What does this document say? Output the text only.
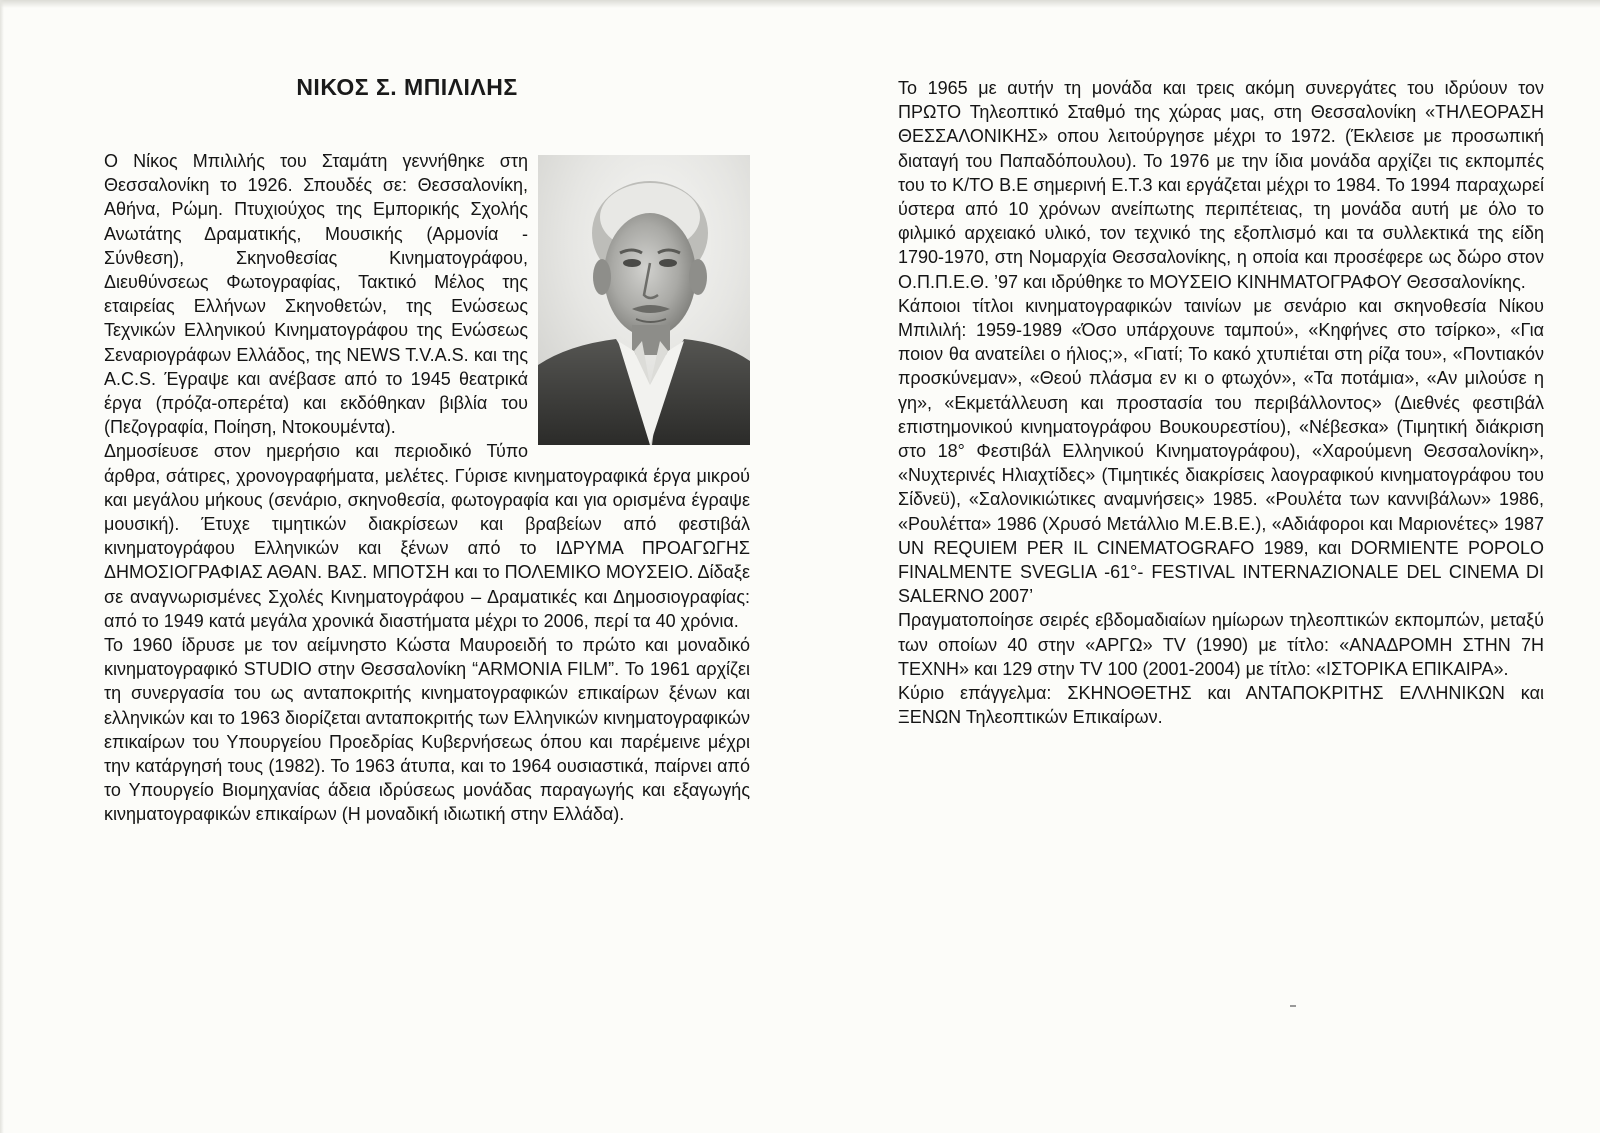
ΝΙΚΟΣ Σ. ΜΠΙΛΙΛΗΣ

Ο Νίκος Μπιλιλής του Σταμάτη γεννήθηκε στη Θεσσαλονίκη το 1926. Σπουδές σε: Θεσσαλονίκη, Αθήνα, Ρώμη. Πτυχιούχος της Εμπορικής Σχολής Ανωτάτης Δραματικής, Μουσικής (Αρμονία - Σύνθεση), Σκηνοθεσίας Κινηματογράφου, Διευθύνσεως Φωτογραφίας, Τακτικό Μέλος της εταιρείας Ελλήνων Σκηνοθετών, της Ενώσεως Τεχνικών Ελληνικού Κινηματογράφου της Ενώσεως Σεναριογράφων Ελλάδος, της NEWS T.V.A.S. και της A.C.S. Έγραψε και ανέβασε από το 1945 θεατρικά έργα (πρόζα-οπερέτα) και εκδόθηκαν βιβλία του (Πεζογραφία, Ποίηση, Ντοκουμέντα).

Δημοσίευσε στον ημερήσιο και περιοδικό Τύπο άρθρα, σάτιρες, χρονογραφήματα, μελέτες. Γύρισε κινηματογραφικά έργα μικρού και μεγάλου μήκους (σενάριο, σκηνοθεσία, φωτογραφία και για ορισμένα έγραψε μουσική). Έτυχε τιμητικών διακρίσεων και βραβείων από φεστιβάλ κινηματογράφου Ελληνικών και ξένων από το ΙΔΡΥΜΑ ΠΡΟΑΓΩΓΗΣ ΔΗΜΟΣΙΟΓΡΑΦΙΑΣ ΑΘΑΝ. ΒΑΣ. ΜΠΟΤΣΗ και το ΠΟΛΕΜΙΚΟ ΜΟΥΣΕΙΟ. Δίδαξε σε αναγνωρισμένες Σχολές Κινηματογράφου – Δραματικές και Δημοσιογραφίας: από το 1949 κατά μεγάλα χρονικά διαστήματα μέχρι το 2006, περί τα 40 χρόνια.

Το 1960 ίδρυσε με τον αείμνηστο Κώστα Μαυροειδή το πρώτο και μοναδικό κινηματογραφικό STUDIO στην Θεσσαλονίκη “ARMONIA FILM”. Το 1961 αρχίζει τη συνεργασία του ως ανταποκριτής κινηματογραφικών επικαίρων ξένων και ελληνικών και το 1963 διορίζεται ανταποκριτής των Ελληνικών κινηματογραφικών επικαίρων του Υπουργείου Προεδρίας Κυβερνήσεως όπου και παρέμεινε μέχρι την κατάργησή τους (1982). Το 1963 άτυπα, και το 1964 ουσιαστικά, παίρνει από το Υπουργείο Βιομηχανίας άδεια ιδρύσεως μονάδας παραγωγής και εξαγωγής κινηματογραφικών επικαίρων (Η μοναδική ιδιωτική στην Ελλάδα).

Το 1965 με αυτήν τη μονάδα και τρεις ακόμη συνεργάτες του ιδρύουν τον ΠΡΩΤΟ Τηλεοπτικό Σταθμό της χώρας μας, στη Θεσσαλονίκη «ΤΗΛΕΟΡΑΣΗ ΘΕΣΣΑΛΟΝΙΚΗΣ» οπου λειτούργησε μέχρι το 1972. (Έκλεισε με προσωπική διαταγή του Παπαδόπουλου). Το 1976 με την ίδια μονάδα αρχίζει τις εκπομπές του το Κ/ΤΟ Β.Ε σημερινή Ε.Τ.3 και εργάζεται μέχρι το 1984. Το 1994 παραχωρεί ύστερα από 10 χρόνων ανείπωτης περιπέτειας, τη μονάδα αυτή με όλο το φιλμικό αρχειακό υλικό, τον τεχνικό της εξοπλισμό και τα συλλεκτικά της είδη 1790-1970, στη Νομαρχία Θεσσαλονίκης, η οποία και προσέφερε ως δώρο στον Ο.Π.Π.Ε.Θ. ’97 και ιδρύθηκε το ΜΟΥΣΕΙΟ ΚΙΝΗΜΑΤΟΓΡΑΦΟΥ Θεσσαλονίκης.

Κάποιοι τίτλοι κινηματογραφικών ταινίων με σενάριο και σκηνοθεσία Νίκου Μπιλιλή: 1959-1989 «Όσο υπάρχουνε ταμπού», «Κηφήνες στο τσίρκο», «Για ποιον θα ανατείλει ο ήλιος;», «Γιατί; Το κακό χτυπιέται στη ρίζα του», «Ποντιακόν προσκύνεμαν», «Θεού πλάσμα εν κι ο φτωχόν», «Τα ποτάμια», «Αν μιλούσε η γη», «Εκμετάλλευση και προστασία του περιβάλλοντος» (Διεθνές φεστιβάλ επιστημονικού κινηματογράφου Βουκουρεστίου), «Νέβεσκα» (Τιμητική διάκριση στο 18° Φεστιβάλ Ελληνικού Κινηματογράφου), «Χαρούμενη Θεσσαλονίκη», «Νυχτερινές Ηλιαχτίδες» (Τιμητικές διακρίσεις λαογραφικού κινηματογράφου του Σίδνεϋ), «Σαλονικιώτικες αναμνήσεις» 1985. «Ρουλέτα των καννιβάλων» 1986, «Ρουλέττα» 1986 (Χρυσό Μετάλλιο Μ.Ε.Β.Ε.), «Αδιάφοροι και Μαριονέτες» 1987 UN REQUIEM PER IL CINEMATOGRAFO 1989, και DORMIENTE POPOLO FINALMENTE SVEGLIA -61°- FESTIVAL INTERNAZIONALE DEL CINEMA DI SALERNO 2007’

Πραγματοποίησε σειρές εβδομαδιαίων ημίωρων τηλεοπτικών εκπομπών, μεταξύ των οποίων 40 στην «ΑΡΓΩ» TV (1990) με τίτλο: «ΑΝΑΔΡΟΜΗ ΣΤΗΝ 7Η ΤΕΧΝΗ» και 129 στην TV 100 (2001-2004) με τίτλο: «ΙΣΤΟΡΙΚΑ ΕΠΙΚΑΙΡΑ».

Κύριο επάγγελμα: ΣΚΗΝΟΘΕΤΗΣ και ΑΝΤΑΠΟΚΡΙΤΗΣ ΕΛΛΗΝΙΚΩΝ και ΞΕΝΩΝ Τηλεοπτικών Επικαίρων.
